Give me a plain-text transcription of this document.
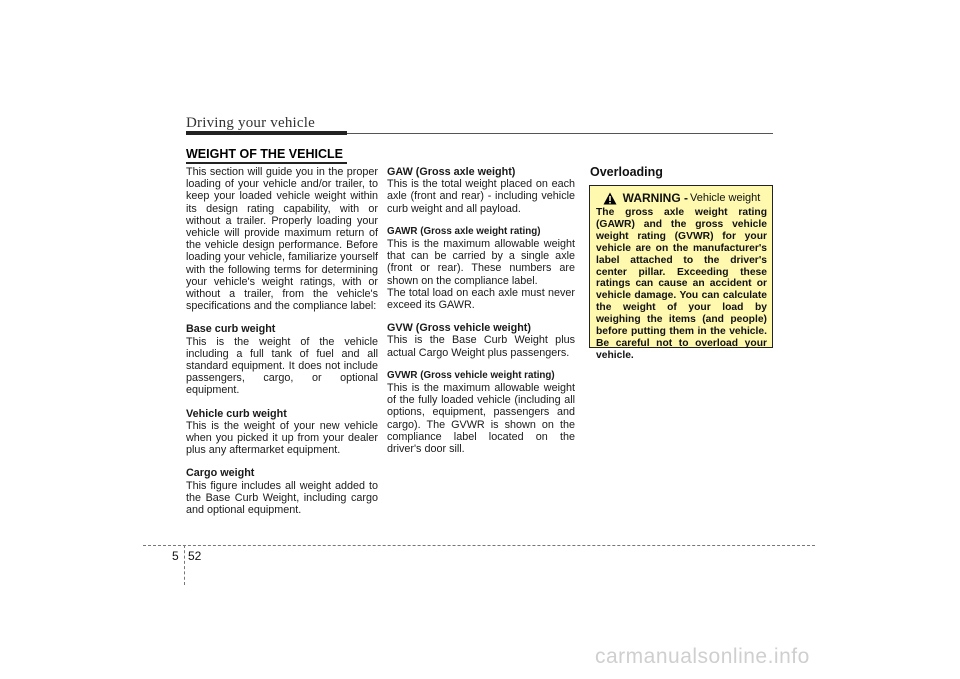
Driving your vehicle
WEIGHT OF THE VEHICLE

This section will guide you in the proper loading of your vehicle and/or trailer, to keep your loaded vehicle weight within its design rating capability, with or without a trailer. Properly loading your vehicle will provide maximum return of the vehicle design performance. Before loading your vehicle, familiarize yourself with the following terms for determining your vehicle's weight ratings, with or without a trailer, from the vehicle's specifications and the compliance label:

Base curb weight

This is the weight of the vehicle including a full tank of fuel and all standard equipment. It does not include passengers, cargo, or optional equipment.

Vehicle curb weight

This is the weight of your new vehicle when you picked it up from your dealer plus any aftermarket equipment.

Cargo weight

This figure includes all weight added to the Base Curb Weight, including cargo and optional equipment.

GAW (Gross axle weight)

This is the total weight placed on each axle (front and rear) - including vehicle curb weight and all payload.

GAWR (Gross axle weight rating)

This is the maximum allowable weight that can be carried by a single axle (front or rear). These numbers are shown on the compliance label.

The total load on each axle must never exceed its GAWR.

GVW (Gross vehicle weight)

This is the Base Curb Weight plus actual Cargo Weight plus passengers.

GVWR (Gross vehicle weight rating)

This is the maximum allowable weight of the fully loaded vehicle (including all options, equipment, passengers and cargo). The GVWR is shown on the compliance label located on the driver's door sill.

Overloading
WARNING - Vehicle weight

The gross axle weight rating (GAWR) and the gross vehicle weight rating (GVWR) for your vehicle are on the manufacturer's label attached to the driver's center pillar. Exceeding these ratings can cause an accident or vehicle damage. You can calculate the weight of your load by weighing the items (and people) before putting them in the vehicle. Be careful not to overload your vehicle.

5 52
carmanualsonline.info
